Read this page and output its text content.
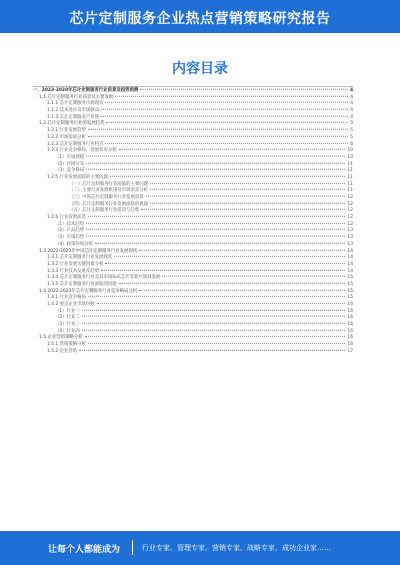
芯片定制服务企业热点营销策略研究报告
内容目录
一、2023-2028年芯片定制服务行业前景及趋势预测	4
1.1 芯片定制服务行业前景及主要发展	4
1.1.1 芯片定制服务市场现状	4
1.1.2 技术进步及市场驱动	4
1.1.3 芯片定制服务产业链	4
1.2 芯片定制服务行业的发展趋势	5
1.2.1 行业发展趋势	5
1.2.2 市场需求分析	5
1.2.3 芯片定制服务行业特点	6
1.2.4 行业竞争格局、发展状况分析	10
（1）市场规模	10
（2）区域分布	11
（3）竞争格局	11
1.2.5 行业发展面临的主要问题	11
（一）芯片定制服务行业面临的主要问题	11
（二）主要行业发展机遇及市场前景分析	11
（三）中国芯片定制服务行业发展前景	12
（四）芯片定制服务行业发展面临的挑战	12
（五）芯片定制服务行业前景与趋势	12
1.2.6 行业发展前景	12
（1）技术趋势	12
（2）产品趋势	13
（3）市场趋势	13
（4）政策环境分析	13
1.3 2022-2023年中国芯片定制服务行业发展现状	14
1.3.1 芯片定制服务行业发展现状	14
1.3.2 行业发展关键因素分析	14
1.3.3 行业技术发展及趋势	14
1.3.4 芯片定制服务行业及其市场SoC芯片等新兴领域发展	15
1.3.5 芯片定制服务行业面临的问题	15
1.4 2022-2023年芯片定制服务行业竞争格局分析	15
1.4.1 行业竞争格局	15
1.4.2 重点企业市场份额	16
（1）行业一	16
（2）行业二	16
（3）行业三	16
（4）行业四	16
1.5 企业营销策略分析	16
1.5.1 营销策略分析	16
1.5.2 企业营销	17
让每个人都能成为	行业专家、管理专家、营销专家、战略专家、成功企业家……
